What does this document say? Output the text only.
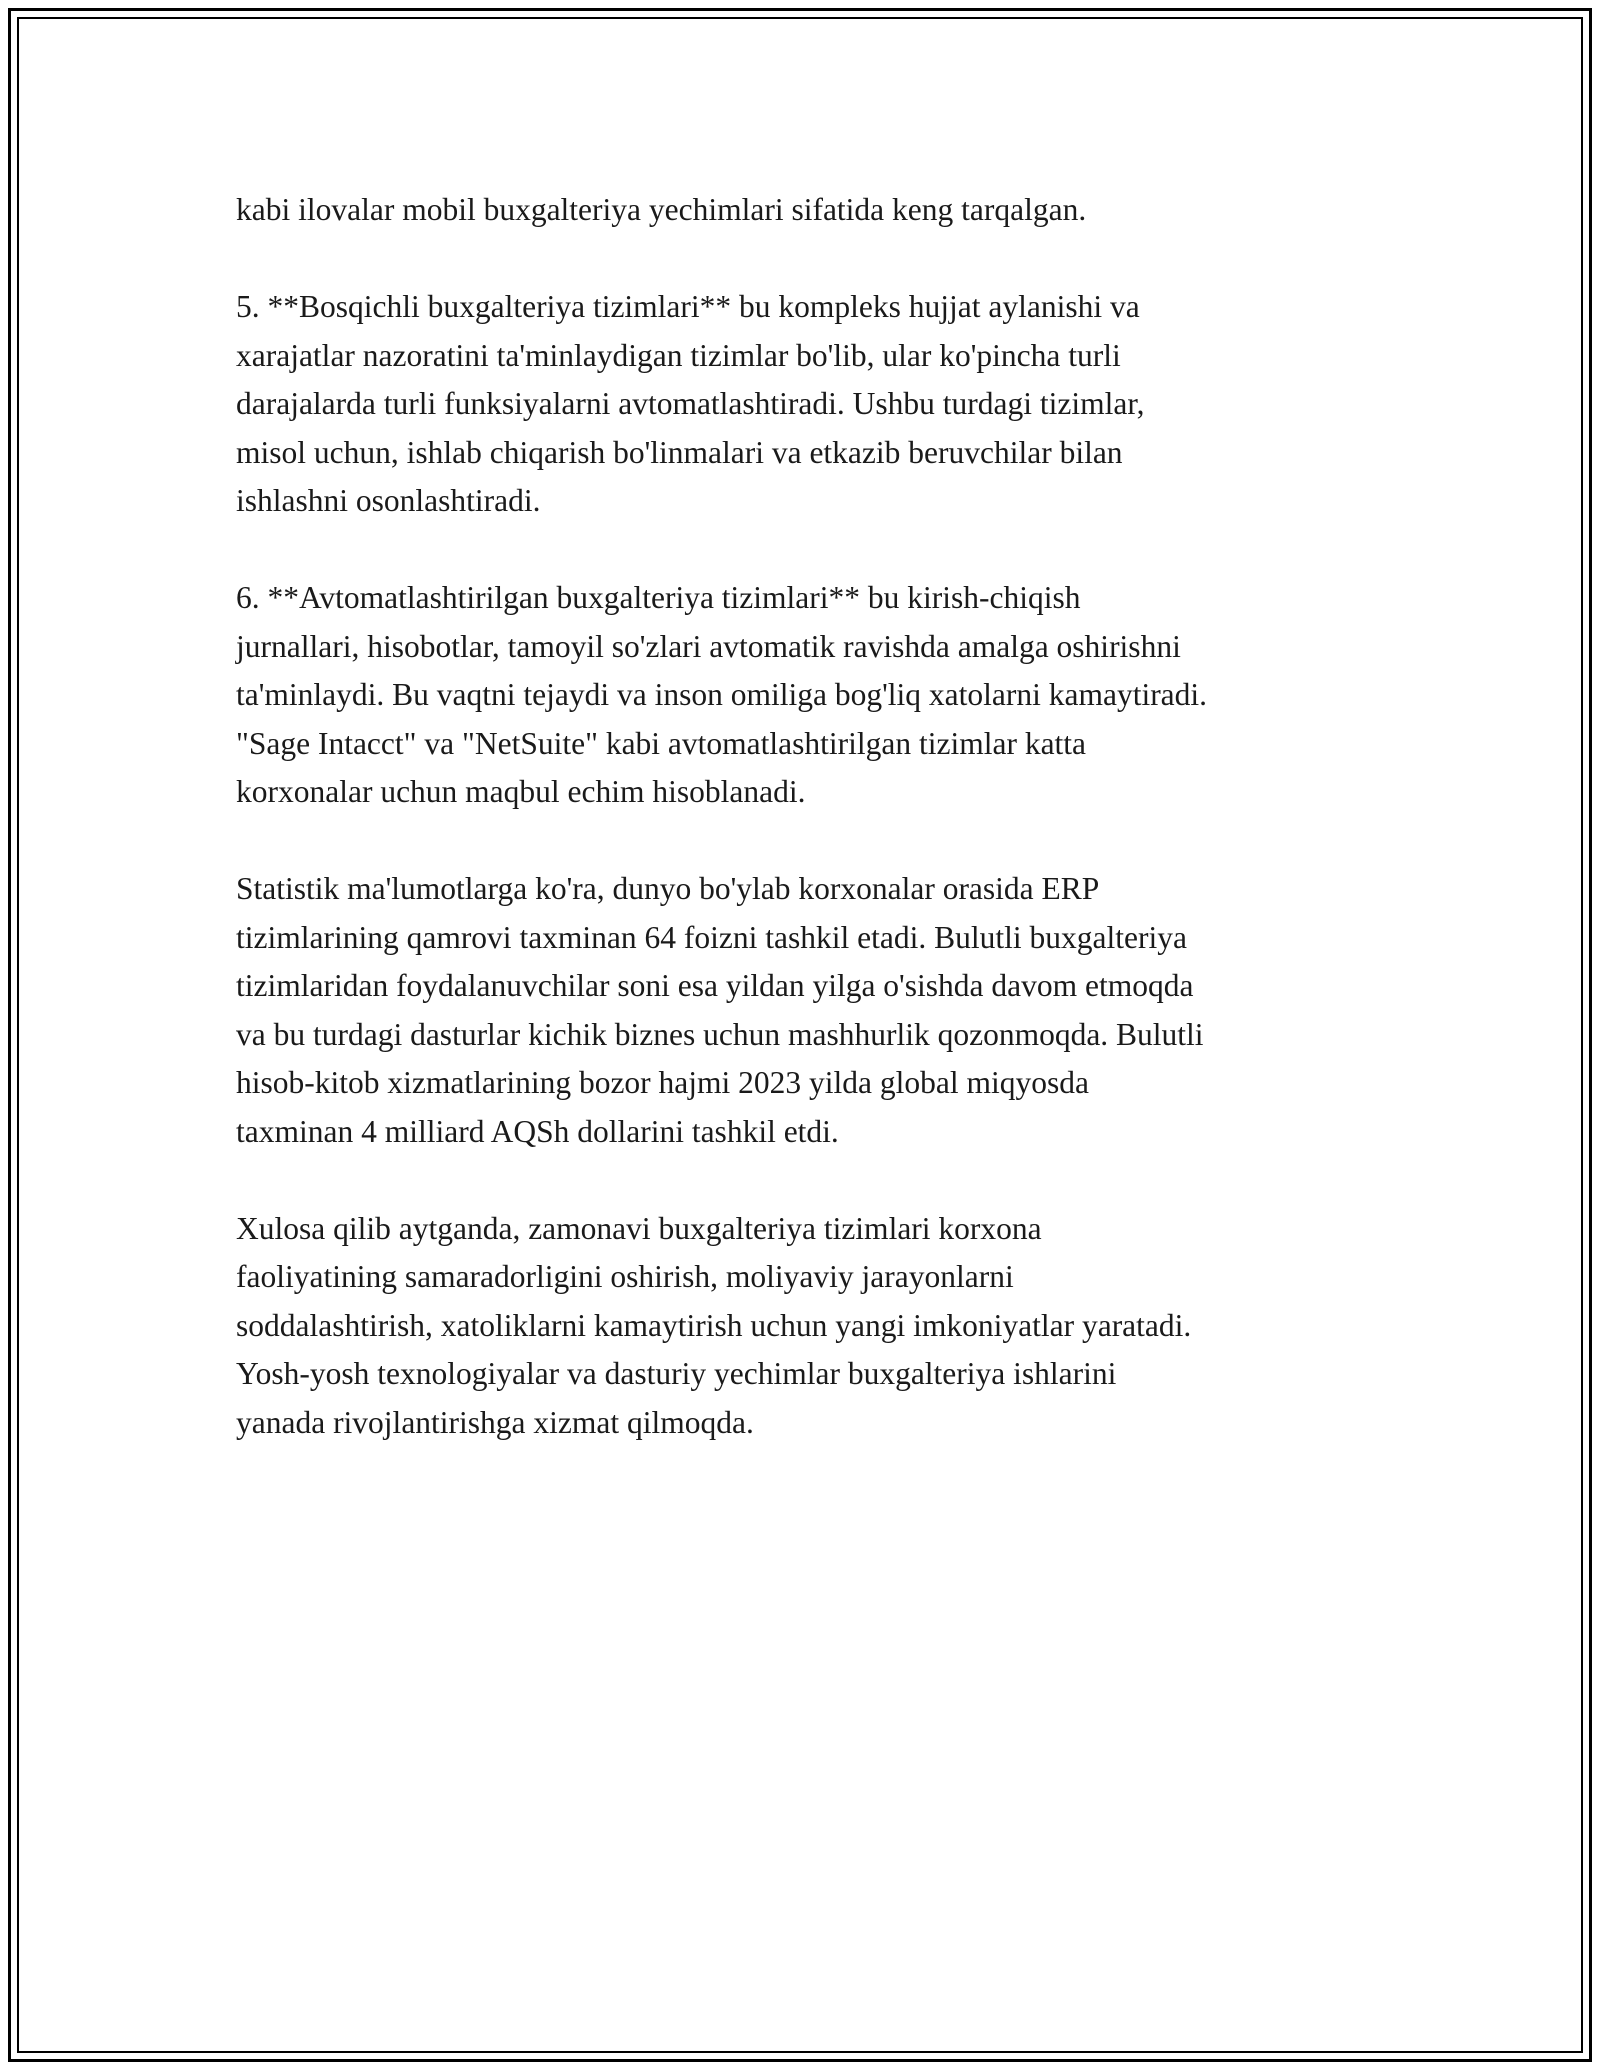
kabi ilovalar mobil buxgalteriya yechimlari sifatida keng tarqalgan.

5. **Bosqichli buxgalteriya tizimlari** bu kompleks hujjat aylanishi va
xarajatlar nazoratini ta'minlaydigan tizimlar bo'lib, ular ko'pincha turli
darajalarda turli funksiyalarni avtomatlashtiradi. Ushbu turdagi tizimlar,
misol uchun, ishlab chiqarish bo'linmalari va etkazib beruvchilar bilan
ishlashni osonlashtiradi.

6. **Avtomatlashtirilgan buxgalteriya tizimlari** bu kirish-chiqish
jurnallari, hisobotlar, tamoyil so'zlari avtomatik ravishda amalga oshirishni
ta'minlaydi. Bu vaqtni tejaydi va inson omiliga bog'liq xatolarni kamaytiradi.
"Sage Intacct" va "NetSuite" kabi avtomatlashtirilgan tizimlar katta
korxonalar uchun maqbul echim hisoblanadi.

Statistik ma'lumotlarga ko'ra, dunyo bo'ylab korxonalar orasida ERP
tizimlarining qamrovi taxminan 64 foizni tashkil etadi. Bulutli buxgalteriya
tizimlaridan foydalanuvchilar soni esa yildan yilga o'sishda davom etmoqda
va bu turdagi dasturlar kichik biznes uchun mashhurlik qozonmoqda. Bulutli
hisob-kitob xizmatlarining bozor hajmi 2023 yilda global miqyosda
taxminan 4 milliard AQSh dollarini tashkil etdi.

Xulosa qilib aytganda, zamonavi buxgalteriya tizimlari korxona
faoliyatining samaradorligini oshirish, moliyaviy jarayonlarni
soddalashtirish, xatoliklarni kamaytirish uchun yangi imkoniyatlar yaratadi.
Yosh-yosh texnologiyalar va dasturiy yechimlar buxgalteriya ishlarini
yanada rivojlantirishga xizmat qilmoqda.
